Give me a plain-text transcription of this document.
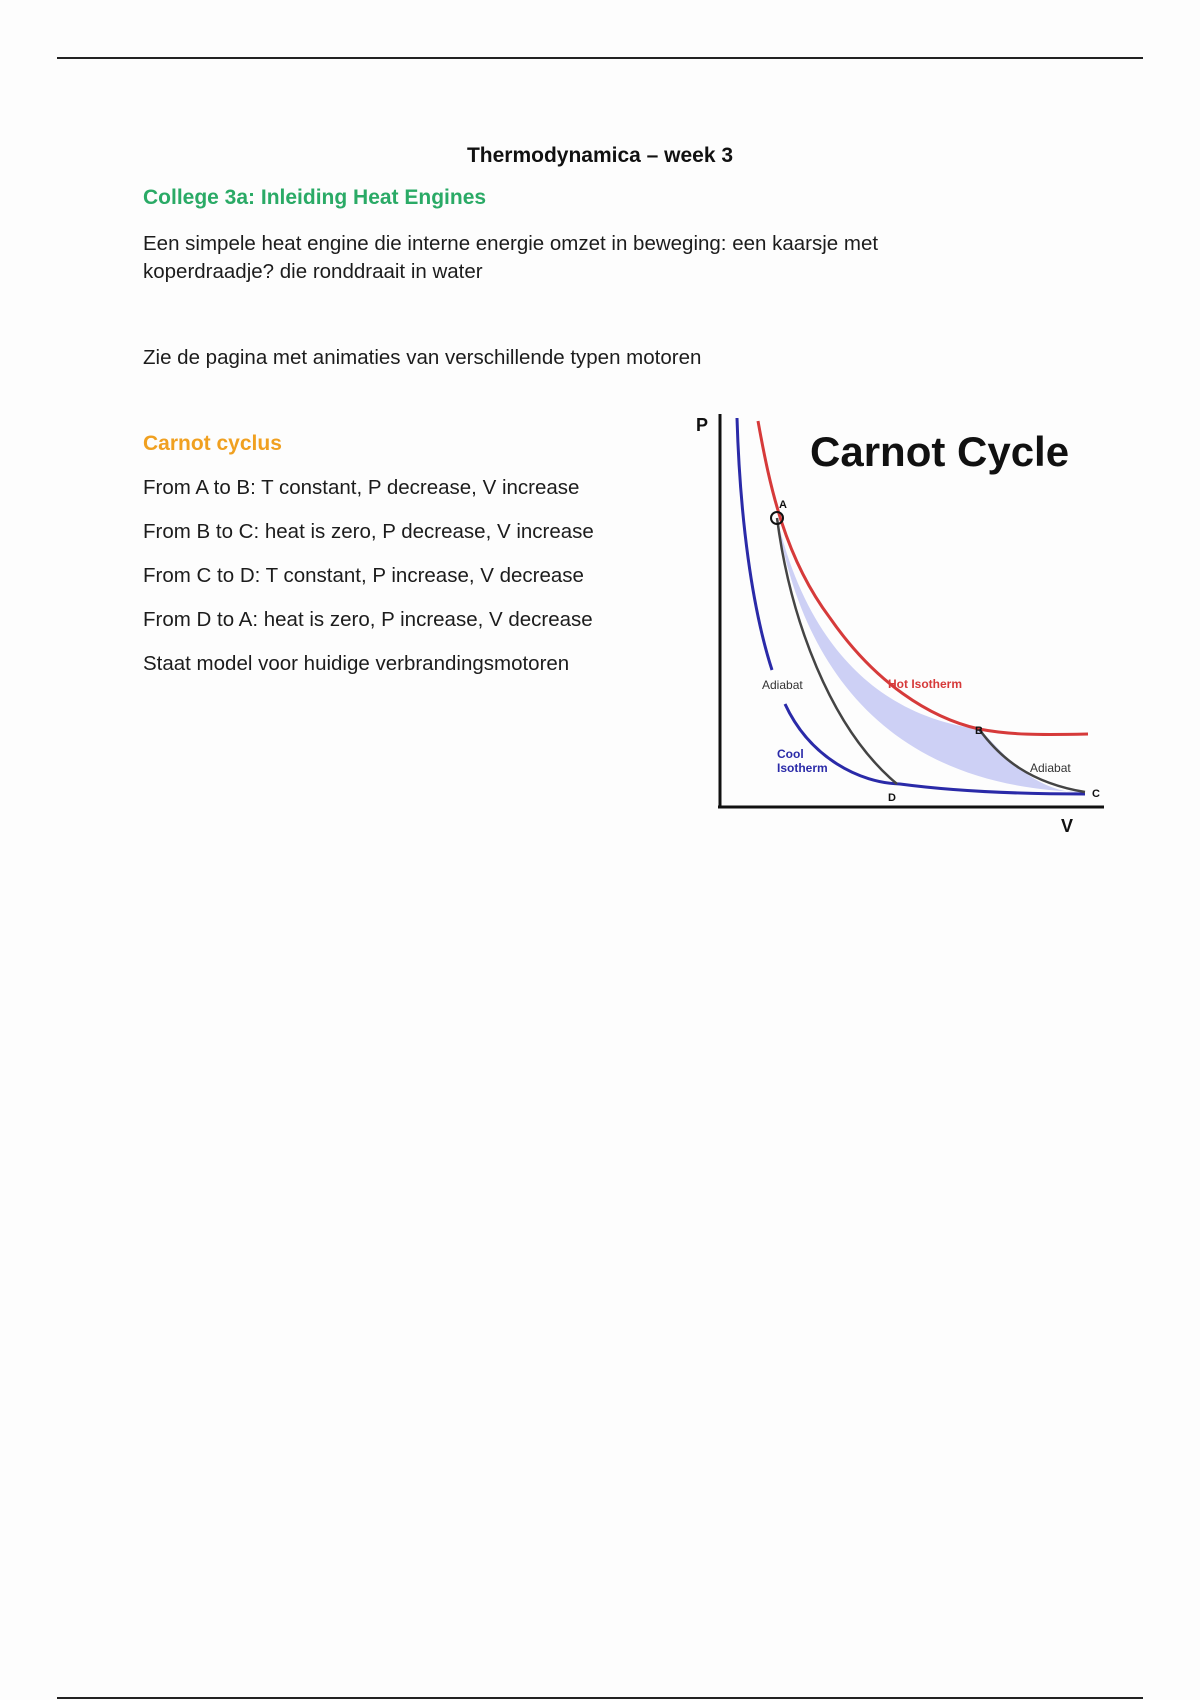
Thermodynamica – week 3
College 3a: Inleiding Heat Engines
Een simpele heat engine die interne energie omzet in beweging: een kaarsje met
koperdraadje? die ronddraait in water
Zie de pagina met animaties van verschillende typen motoren
Carnot cyclus
From A to B: T constant, P decrease, V increase
From B to C: heat is zero, P decrease, V increase
From C to D: T constant, P increase, V decrease
From D to A: heat is zero, P increase, V decrease
Staat model voor huidige verbrandingsmotoren
P
V
Carnot Cycle
A
B
C
D
Hot Isotherm
Adiabat
Adiabat
Cool
Isotherm
